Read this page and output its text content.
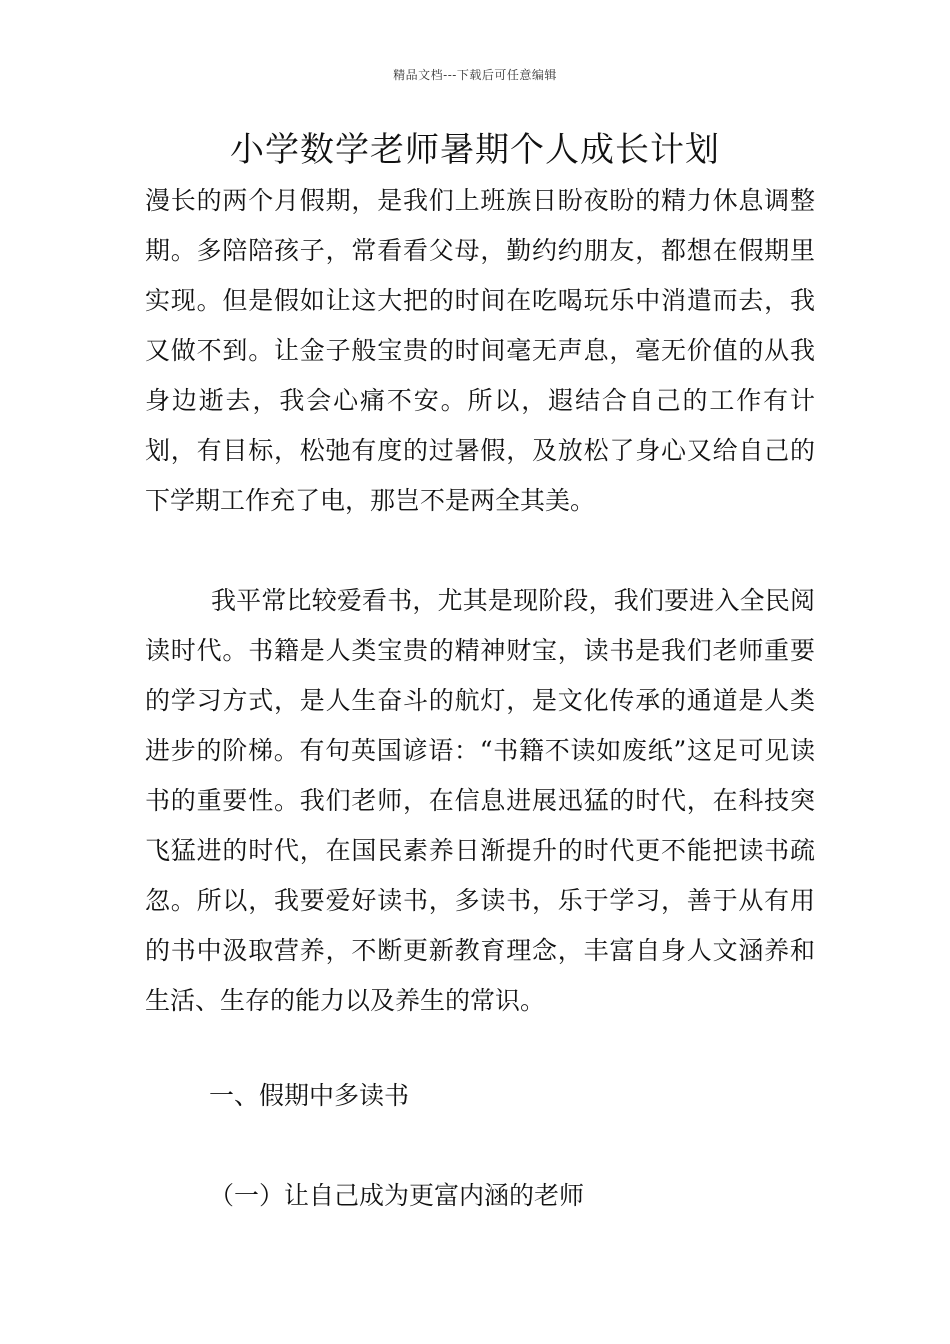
精品文档---下载后可任意编辑
小学数学老师暑期个人成长计划

漫长的两个月假期，是我们上班族日盼夜盼的精力休息调整期。多陪陪孩子，常看看父母，勤约约朋友，都想在假期里实现。但是假如让这大把的时间在吃喝玩乐中消遣而去，我又做不到。让金子般宝贵的时间毫无声息，毫无价值的从我身边逝去，我会心痛不安。所以，遐结合自己的工作有计划，有目标，松弛有度的过暑假，及放松了身心又给自己的下学期工作充了电，那岂不是两全其美。

我平常比较爱看书，尤其是现阶段，我们要进入全民阅读时代。书籍是人类宝贵的精神财宝，读书是我们老师重要的学习方式，是人生奋斗的航灯，是文化传承的通道是人类进步的阶梯。有句英国谚语：“书籍不读如废纸”这足可见读书的重要性。我们老师，在信息进展迅猛的时代，在科技突飞猛进的时代，在国民素养日渐提升的时代更不能把读书疏忽。所以，我要爱好读书，多读书，乐于学习，善于从有用的书中汲取营养，不断更新教育理念，丰富自身人文涵养和生活、生存的能力以及养生的常识。

一、假期中多读书

（一）让自己成为更富内涵的老师
